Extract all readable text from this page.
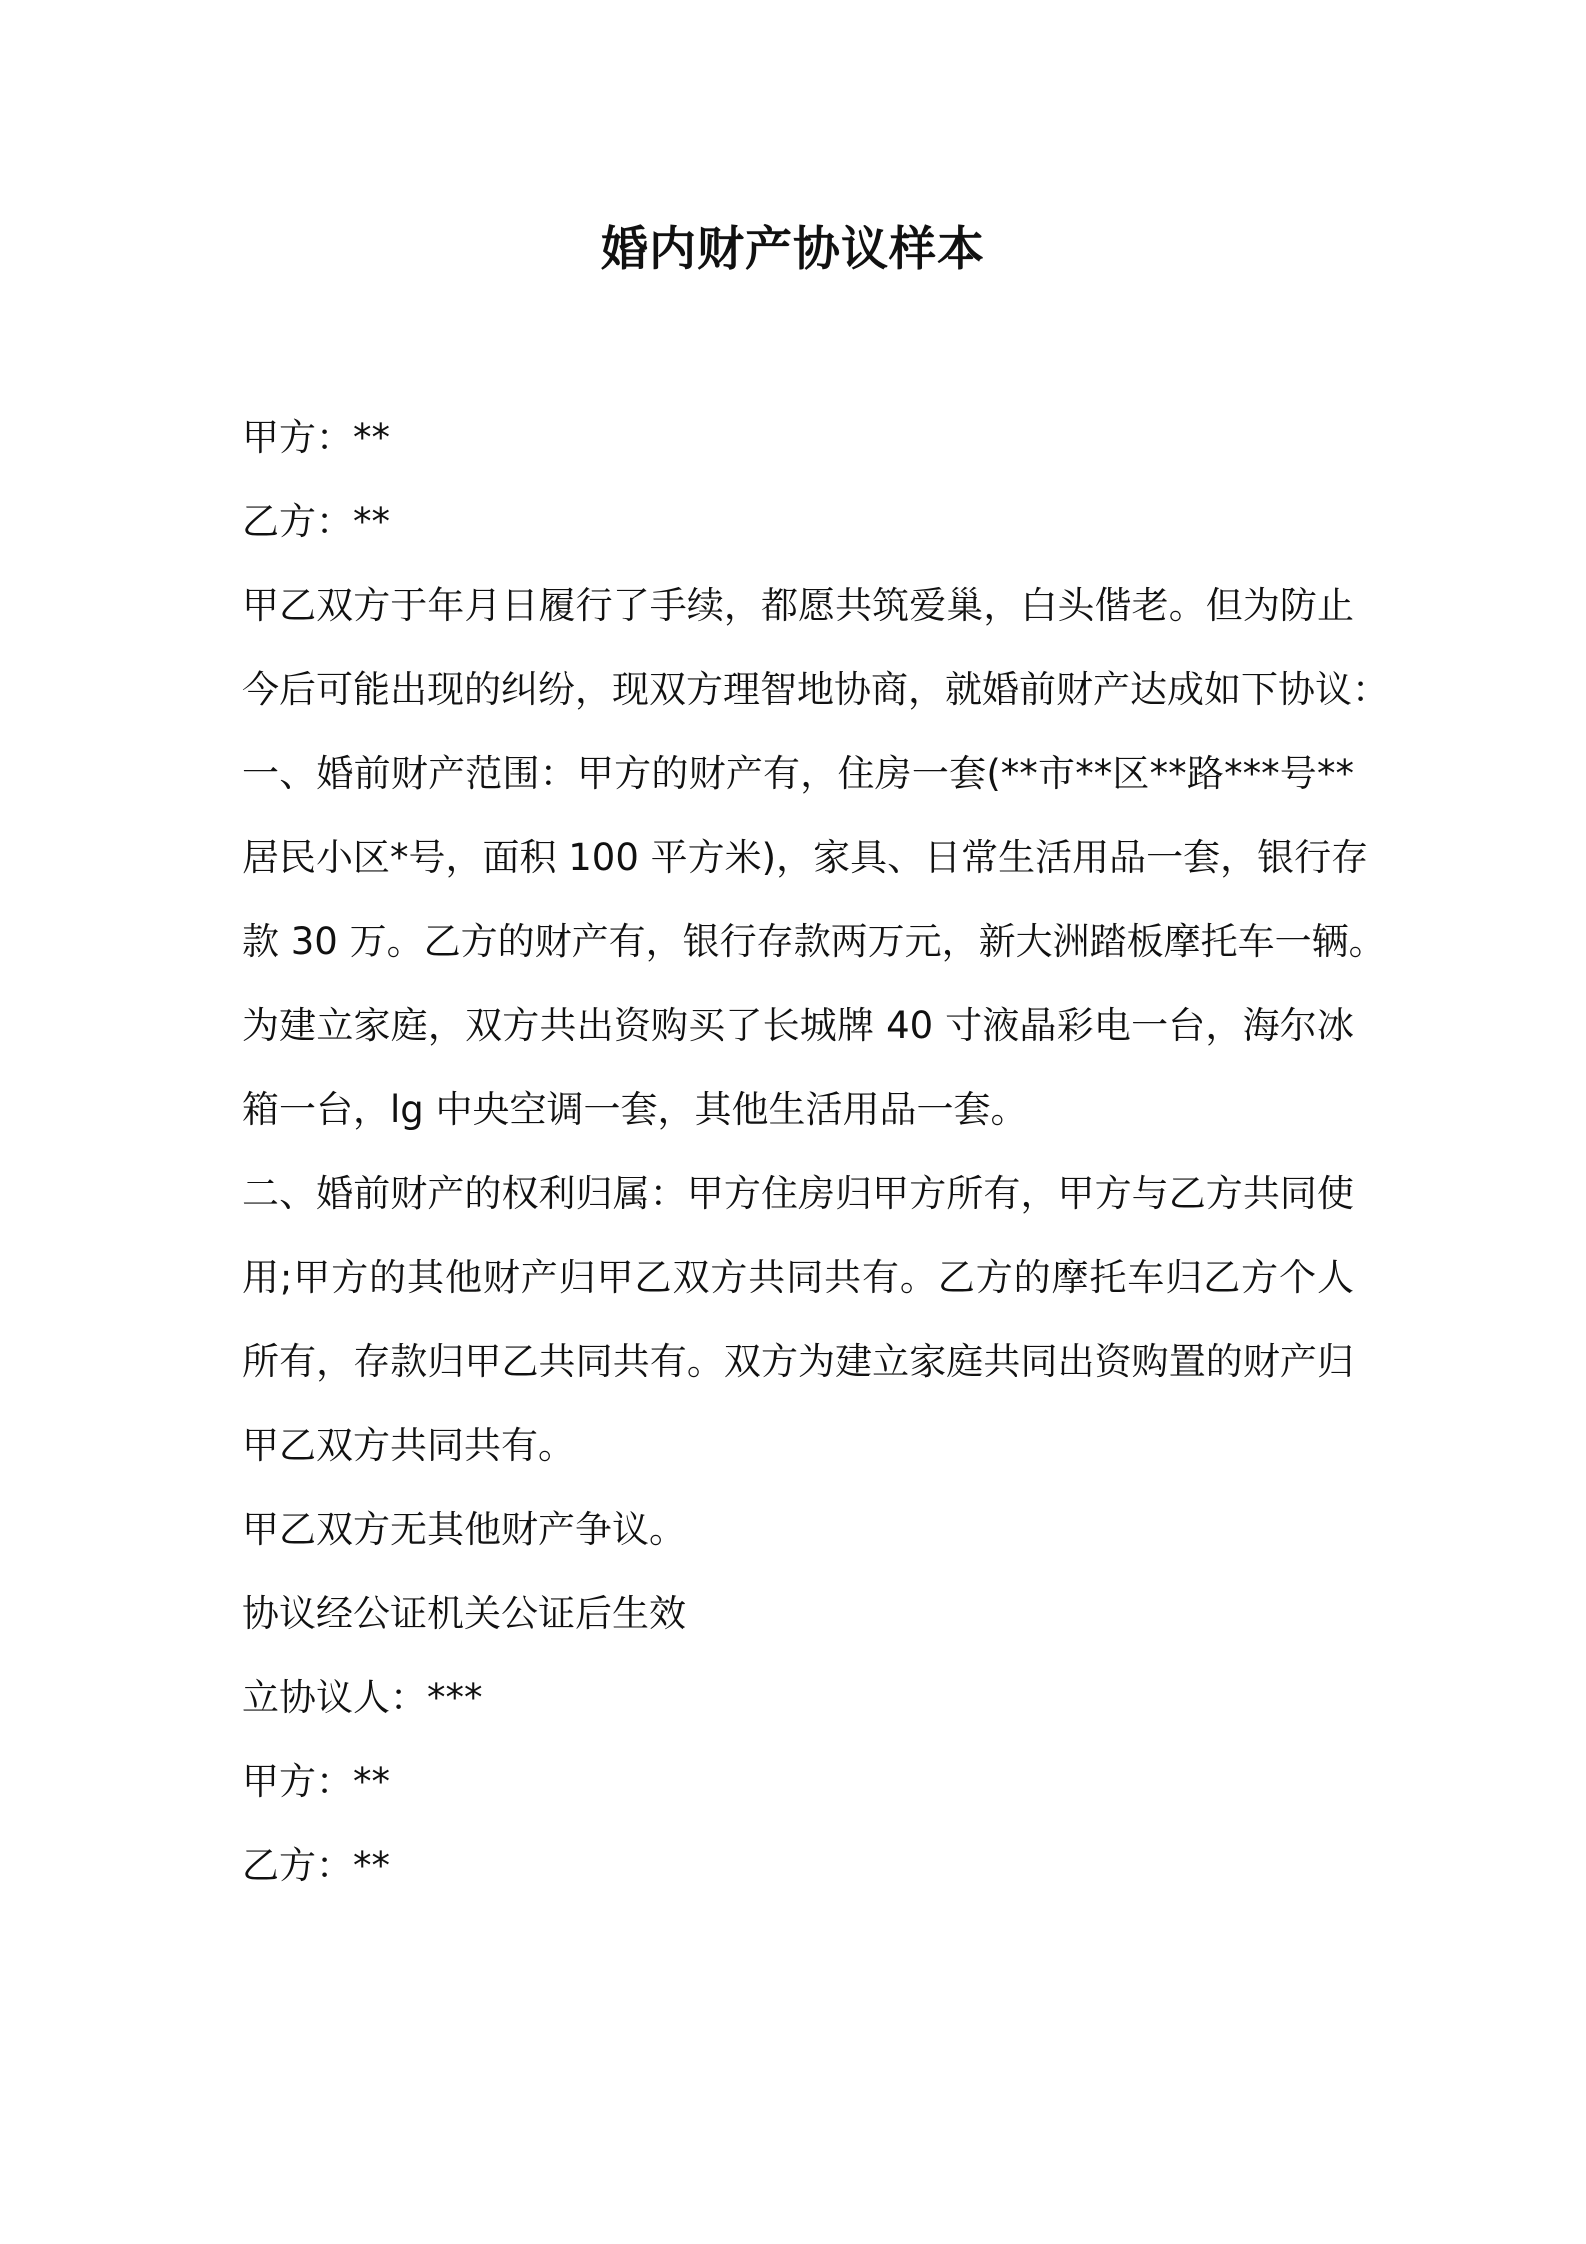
婚内财产协议样本
甲方：**
乙方：**
甲乙双方于年月日履行了手续，都愿共筑爱巢，白头偕老。但为防止
今后可能出现的纠纷，现双方理智地协商，就婚前财产达成如下协议：
一、婚前财产范围：甲方的财产有，住房一套(**市**区**路***号**
居民小区*号，面积 100 平方米)，家具、日常生活用品一套，银行存
款 30 万。乙方的财产有，银行存款两万元，新大洲踏板摩托车一辆。
为建立家庭，双方共出资购买了长城牌 40 寸液晶彩电一台，海尔冰
箱一台，lg 中央空调一套，其他生活用品一套。
二、婚前财产的权利归属：甲方住房归甲方所有，甲方与乙方共同使
用;甲方的其他财产归甲乙双方共同共有。乙方的摩托车归乙方个人
所有，存款归甲乙共同共有。双方为建立家庭共同出资购置的财产归
甲乙双方共同共有。
甲乙双方无其他财产争议。
协议经公证机关公证后生效
立协议人：***
甲方：**
乙方：**
